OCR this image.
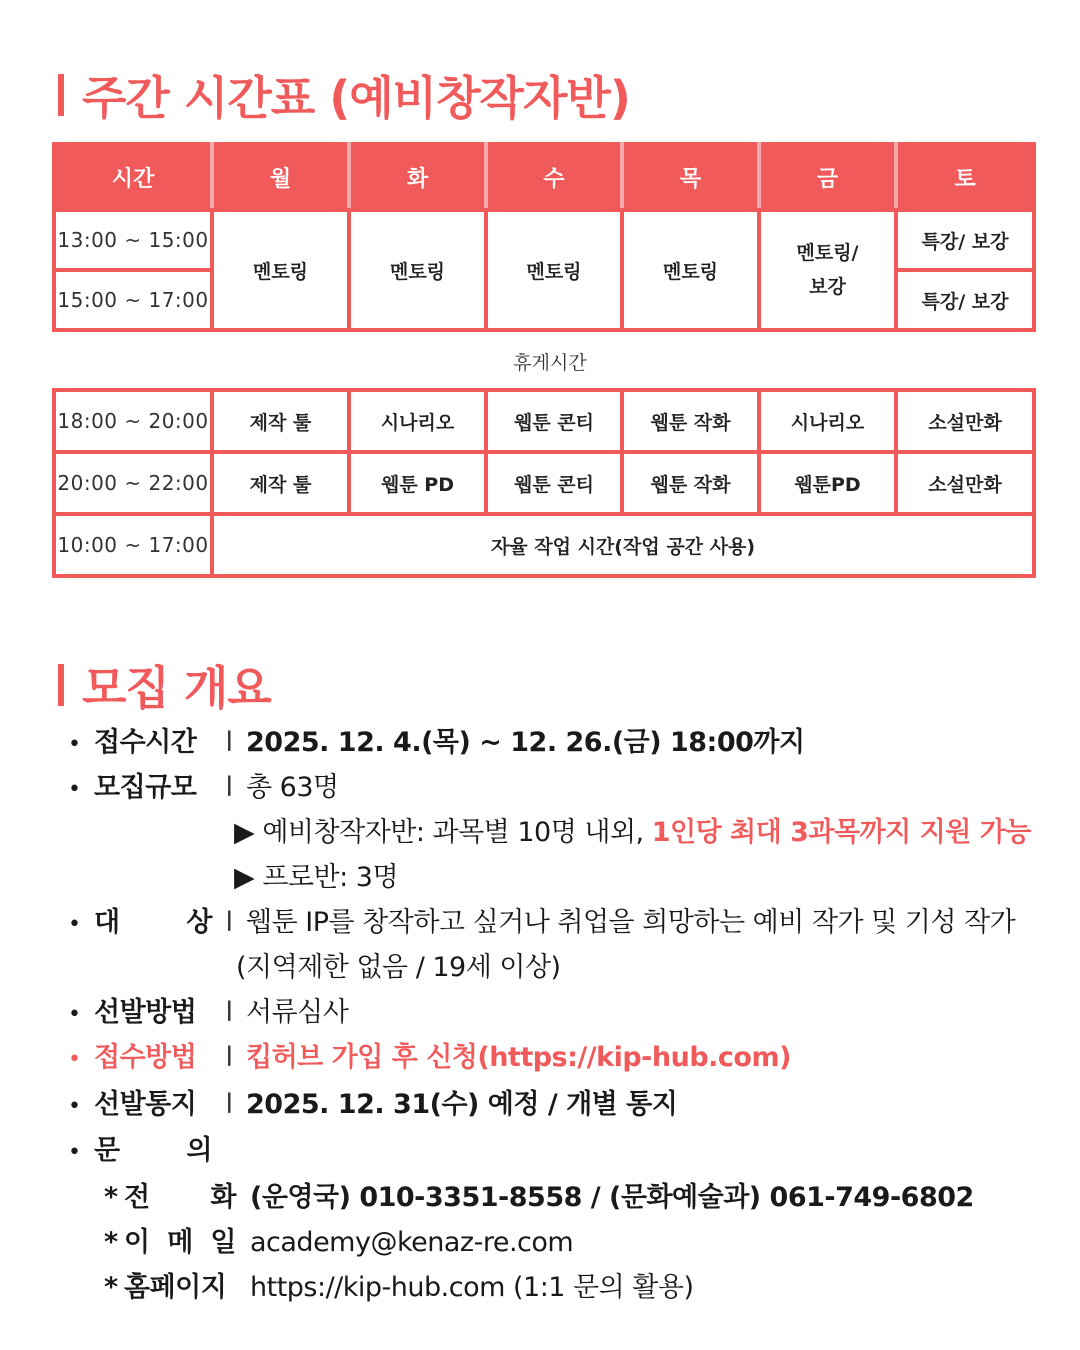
주간 시간표 (예비창작자반)
시간	월	화	수	목	금	토
13:00 ~ 15:00	멘토링	멘토링	멘토링	멘토링	멘토링/ 보강	특강/ 보강
15:00 ~ 17:00						특강/ 보강
휴게시간
18:00 ~ 20:00	제작 툴	시나리오	웹툰 콘티	웹툰 작화	시나리오	소설만화
20:00 ~ 22:00	제작 툴	웹툰 PD	웹툰 콘티	웹툰 작화	웹툰PD	소설만화
10:00 ~ 17:00	자율 작업 시간(작업 공간 사용)					
모집 개요
• 접수시간	l 2025. 12. 4.(목) ~ 12. 26.(금) 18:00까지
• 모집규모	l 총 63명
▶ 예비창작자반: 과목별 10명 내외, 1인당 최대 3과목까지 지원 가능
▶ 프로반: 3명
• 대 상 l 웹툰 IP를 창작하고 싶거나 취업을 희망하는 예비 작가 및 기성 작가
(지역제한 없음 / 19세 이상)
• 선발방법	l 서류심사
• 접수방법	l 킵허브 가입 후 신청(https://kip-hub.com)
• 선발통지	l 2025. 12. 31(수) 예정 / 개별 통지
• 문 의
* 전 화 (운영국) 010-3351-8558 / (문화예술과) 061-749-6802
* 이 메 일 academy@kenaz-re.com
* 홈페이지 https://kip-hub.com (1:1 문의 활용)
